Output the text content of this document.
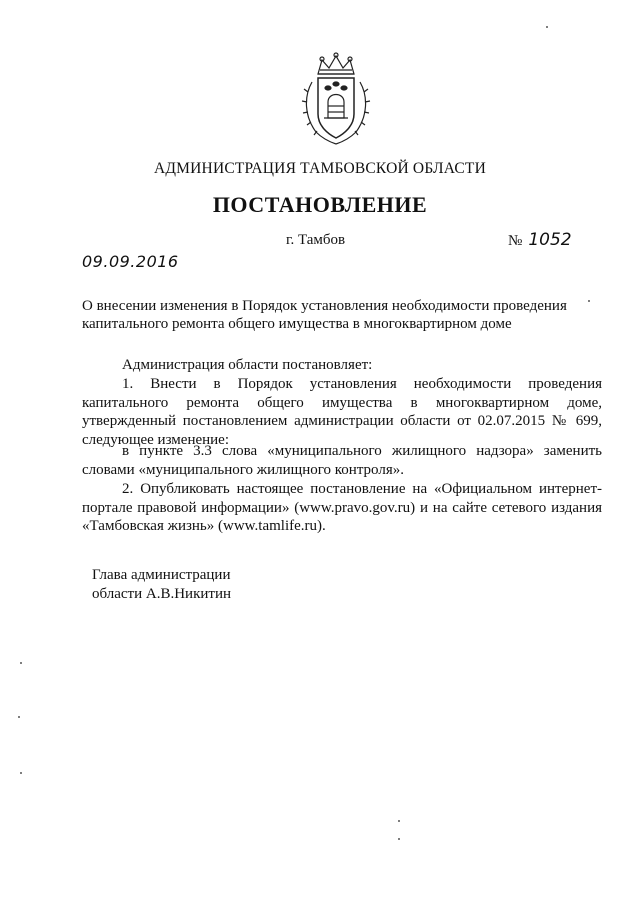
АДМИНИСТРАЦИЯ ТАМБОВСКОЙ ОБЛАСТИ
ПОСТАНОВЛЕНИЕ
г. Тамбов	№ 1052
09.09.2016
О внесении изменения в Порядок установления необходимости проведения капитального ремонта общего имущества в многоквартирном доме
Администрация области постановляет:
1. Внести в Порядок установления необходимости проведения капитального ремонта общего имущества в многоквартирном доме, утвержденный постановлением администрации области от 02.07.2015 № 699, следующее изменение:
в пункте 3.3 слова «муниципального жилищного надзора» заменить словами «муниципального жилищного контроля».
2. Опубликовать настоящее постановление на «Официальном интернет-портале правовой информации» (www.pravo.gov.ru) и на сайте сетевого издания «Тамбовская жизнь» (www.tamlife.ru).
Глава администрации
области А.В.Никитин
